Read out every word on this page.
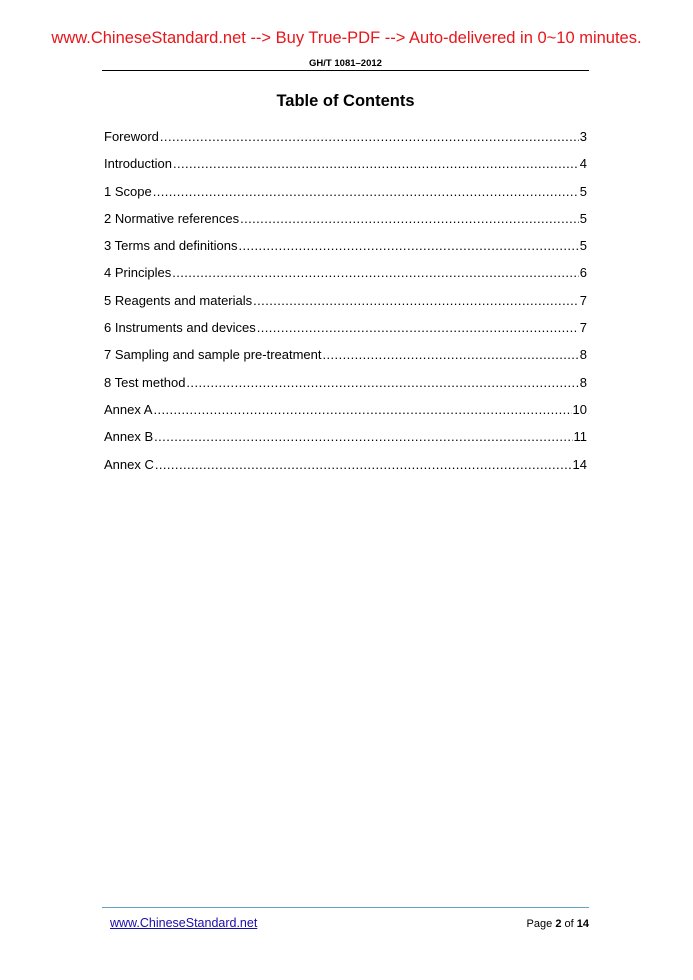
www.ChineseStandard.net --> Buy True-PDF --> Auto-delivered in 0~10 minutes.
GH/T 1081–2012
Table of Contents
Foreword .....	3
Introduction .....	4
1 Scope .....	5
2 Normative references .....	5
3 Terms and definitions .....	5
4 Principles .....	6
5 Reagents and materials .....	7
6 Instruments and devices .....	7
7 Sampling and sample pre-treatment .....	8
8 Test method .....	8
Annex A .....	10
Annex B .....	11
Annex C .....	14
www.ChineseStandard.net	Page 2 of 14
